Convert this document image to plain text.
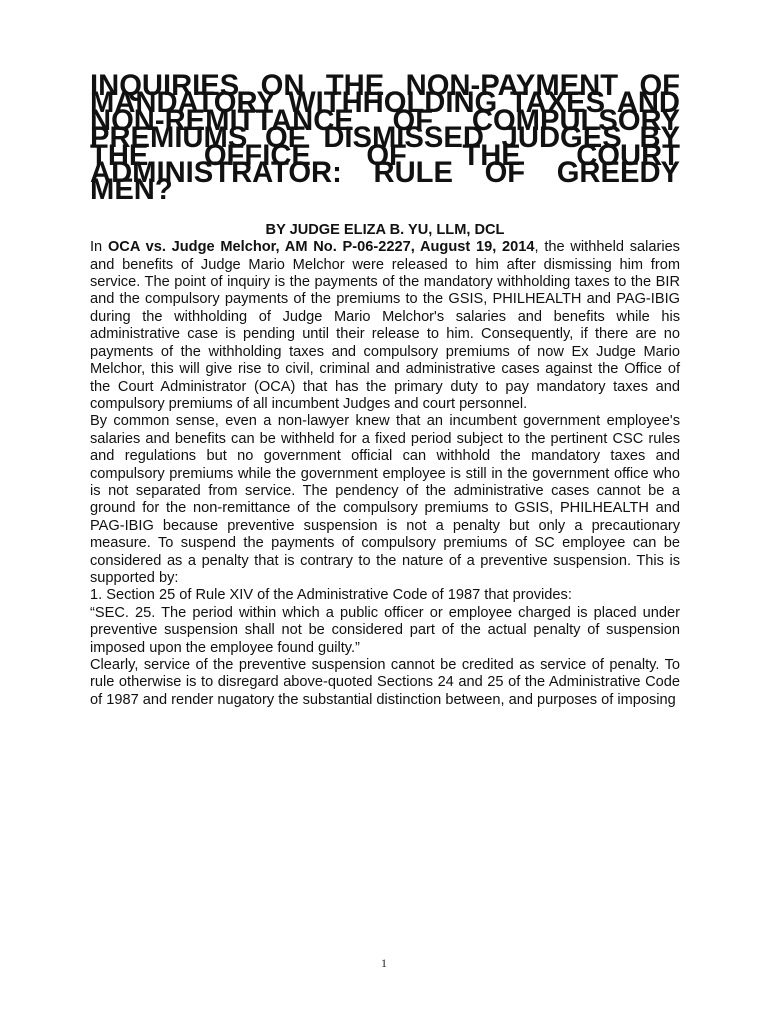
INQUIRIES ON THE NON-PAYMENT OF MANDATORY WITHHOLDING TAXES AND NON-REMITTANCE OF COMPULSORY PREMIUMS OF DISMISSED JUDGES BY THE OFFICE OF THE COURT ADMINISTRATOR: RULE OF GREEDY MEN?
BY JUDGE ELIZA B. YU, LLM, DCL

In OCA vs. Judge Melchor, AM No. P-06-2227, August 19, 2014, the withheld salaries and benefits of Judge Mario Melchor were released to him after dismissing him from service. The point of inquiry is the payments of the mandatory withholding taxes to the BIR and the compulsory payments of the premiums to the GSIS, PHILHEALTH and PAG-IBIG during the withholding of Judge Mario Melchor's salaries and benefits while his administrative case is pending until their release to him. Consequently, if there are no payments of the withholding taxes and compulsory premiums of now Ex Judge Mario Melchor, this will give rise to civil, criminal and administrative cases against the Office of the Court Administrator (OCA) that has the primary duty to pay mandatory taxes and compulsory premiums of all incumbent Judges and court personnel.

By common sense, even a non-lawyer knew that an incumbent government employee's salaries and benefits can be withheld for a fixed period subject to the pertinent CSC rules and regulations but no government official can withhold the mandatory taxes and compulsory premiums while the government employee is still in the government office who is not separated from service. The pendency of the administrative cases cannot be a ground for the non-remittance of the compulsory premiums to GSIS, PHILHEALTH and PAG-IBIG because preventive suspension is not a penalty but only a precautionary measure. To suspend the payments of compulsory premiums of SC employee can be considered as a penalty that is contrary to the nature of a preventive suspension. This is supported by:

1. Section 25 of Rule XIV of the Administrative Code of 1987 that provides:

“SEC. 25. The period within which a public officer or employee charged is placed under preventive suspension shall not be considered part of the actual penalty of suspension imposed upon the employee found guilty.”

Clearly, service of the preventive suspension cannot be credited as service of penalty. To rule otherwise is to disregard above-quoted Sections 24 and 25 of the Administrative Code of 1987 and render nugatory the substantial distinction between, and purposes of imposing

1
